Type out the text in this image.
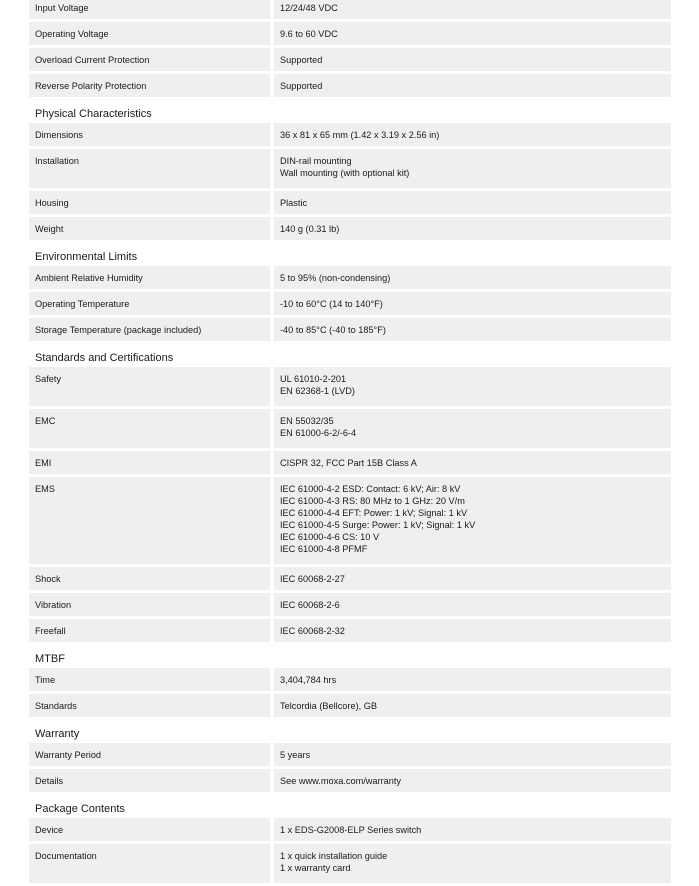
Input Voltage	12/24/48 VDC
Operating Voltage	9.6 to 60 VDC
Overload Current Protection	Supported
Reverse Polarity Protection	Supported
Physical Characteristics
Dimensions	36 x 81 x 65 mm (1.42 x 3.19 x 2.56 in)
Installation	DIN-rail mounting
Wall mounting (with optional kit)
Housing	Plastic
Weight	140 g (0.31 lb)
Environmental Limits
Ambient Relative Humidity	5 to 95% (non-condensing)
Operating Temperature	-10 to 60°C (14 to 140°F)
Storage Temperature (package included)	-40 to 85°C (-40 to 185°F)
Standards and Certifications
Safety	UL 61010-2-201
EN 62368-1 (LVD)
EMC	EN 55032/35
EN 61000-6-2/-6-4
EMI	CISPR 32, FCC Part 15B Class A
EMS	IEC 61000-4-2 ESD: Contact: 6 kV; Air: 8 kV
IEC 61000-4-3 RS: 80 MHz to 1 GHz: 20 V/m
IEC 61000-4-4 EFT: Power: 1 kV; Signal: 1 kV
IEC 61000-4-5 Surge: Power: 1 kV; Signal: 1 kV
IEC 61000-4-6 CS: 10 V
IEC 61000-4-8 PFMF
Shock	IEC 60068-2-27
Vibration	IEC 60068-2-6
Freefall	IEC 60068-2-32
MTBF
Time	3,404,784 hrs
Standards	Telcordia (Bellcore), GB
Warranty
Warranty Period	5 years
Details	See www.moxa.com/warranty
Package Contents
Device	1 x EDS-G2008-ELP Series switch
Documentation	1 x quick installation guide
1 x warranty card
